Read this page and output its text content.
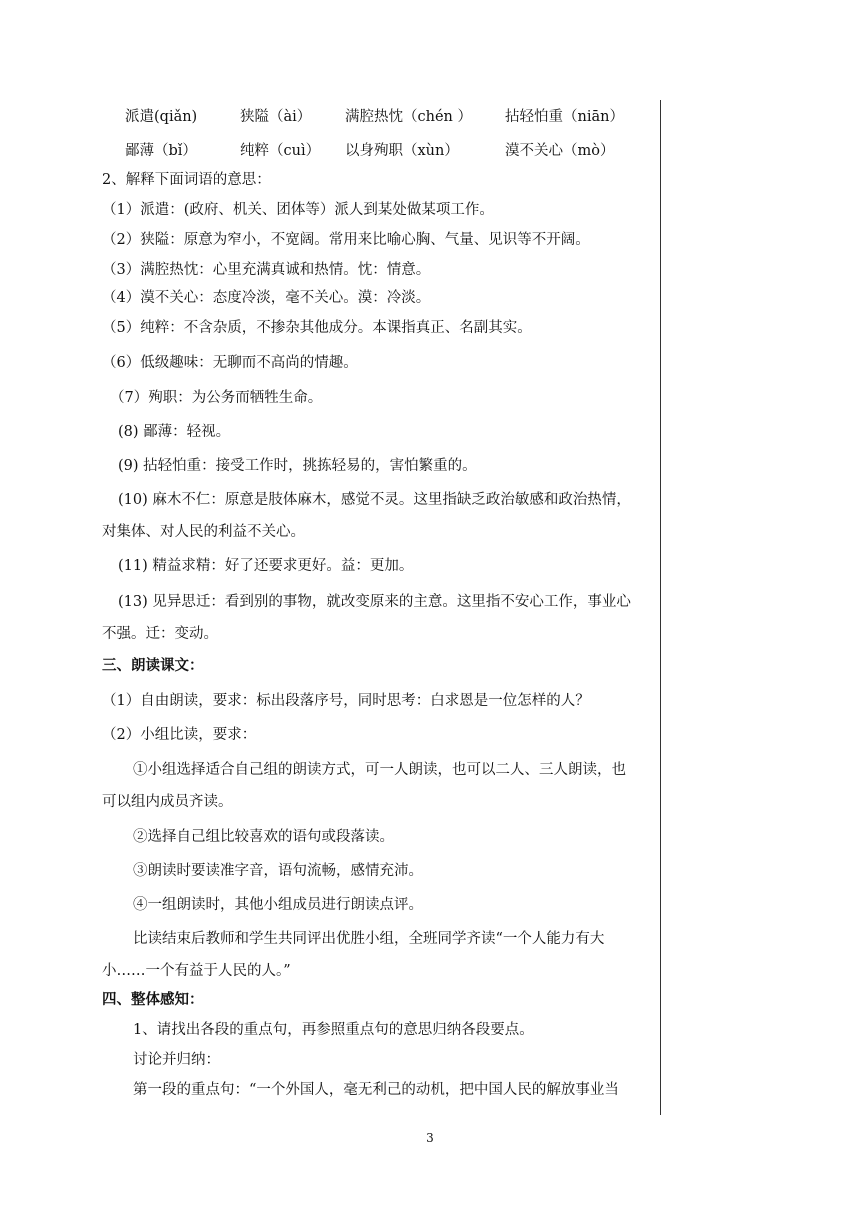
派遣(qiǎn)	狭隘（ài） 满腔热忱（chén ） 拈轻怕重（niān）
鄙薄（bǐ）	纯粹（cuì） 以身殉职（xùn）	漠不关心（mò）
2、解释下面词语的意思：
（1）派遣：(政府、机关、团体等）派人到某处做某项工作。
（2）狭隘：原意为窄小，不宽阔。常用来比喻心胸、气量、见识等不开阔。
（3）满腔热忱：心里充满真诚和热情。忱：情意。
（4）漠不关心：态度冷淡，毫不关心。漠：冷淡。
（5）纯粹：不含杂质，不掺杂其他成分。本课指真正、名副其实。
（6）低级趣味：无聊而不高尚的情趣。
（7）殉职：为公务而牺牲生命。
(8) 鄙薄：轻视。
(9) 拈轻怕重：接受工作时，挑拣轻易的，害怕繁重的。
(10) 麻木不仁：原意是肢体麻木，感觉不灵。这里指缺乏政治敏感和政治热情，
对集体、对人民的利益不关心。
(11) 精益求精：好了还要求更好。益：更加。
(13) 见异思迁：看到别的事物，就改变原来的主意。这里指不安心工作，事业心
不强。迁：变动。
三、朗读课文：
（1）自由朗读，要求：标出段落序号，同时思考：白求恩是一位怎样的人？
（2）小组比读，要求：
①小组选择适合自己组的朗读方式，可一人朗读，也可以二人、三人朗读，也
可以组内成员齐读。
②选择自己组比较喜欢的语句或段落读。
③朗读时要读准字音，语句流畅，感情充沛。
④一组朗读时，其他小组成员进行朗读点评。
比读结束后教师和学生共同评出优胜小组，全班同学齐读“一个人能力有大
小……一个有益于人民的人。”
四、整体感知：
1、请找出各段的重点句，再参照重点句的意思归纳各段要点。
讨论并归纳：
第一段的重点句：“一个外国人，毫无利己的动机，把中国人民的解放事业当
3
